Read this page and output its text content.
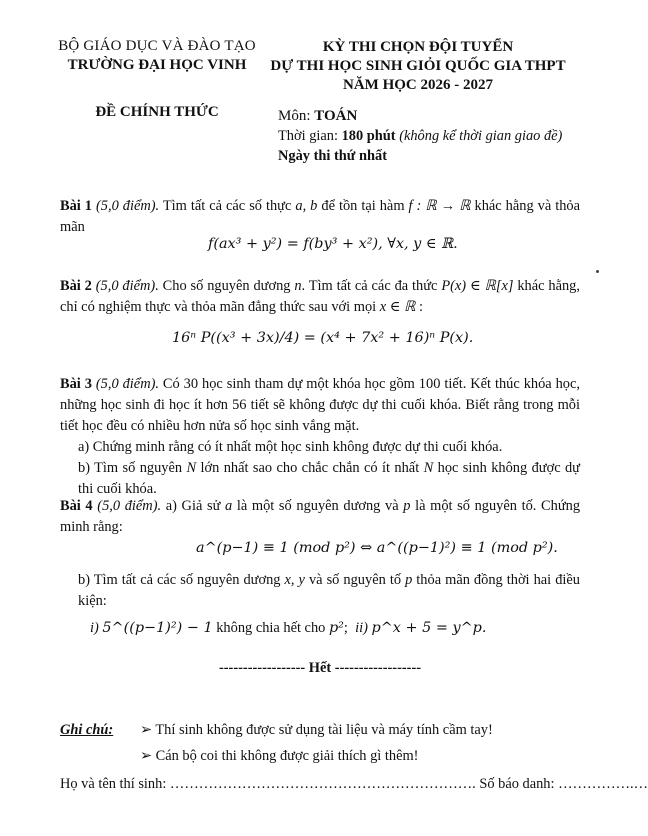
BỘ GIÁO DỤC VÀ ĐÀO TẠO
TRƯỜNG ĐẠI HỌC VINH
ĐỀ CHÍNH THỨC
KỲ THI CHỌN ĐỘI TUYỂN
DỰ THI HỌC SINH GIỎI QUỐC GIA THPT
NĂM HỌC 2026 - 2027
Môn: TOÁN
Thời gian: 180 phút (không kể thời gian giao đề)
Ngày thi thứ nhất
Bài 1 (5,0 điểm). Tìm tất cả các số thực a, b để tồn tại hàm f : ℝ → ℝ khác hằng và thỏa mãn
f(ax³ + y²) = f(by³ + x²), ∀x, y ∈ ℝ.
Bài 2 (5,0 điểm). Cho số nguyên dương n. Tìm tất cả các đa thức P(x) ∈ ℝ[x] khác hằng, chỉ có nghiệm thực và thỏa mãn đẳng thức sau với mọi x ∈ ℝ :
16ⁿ P((x³ + 3x)/4) = (x⁴ + 7x² + 16)ⁿ P(x).
Bài 3 (5,0 điểm). Có 30 học sinh tham dự một khóa học gồm 100 tiết. Kết thúc khóa học, những học sinh đi học ít hơn 56 tiết sẽ không được dự thi cuối khóa. Biết rằng trong mỗi tiết học đều có nhiều hơn nửa số học sinh vắng mặt.
a) Chứng minh rằng có ít nhất một học sinh không được dự thi cuối khóa.
b) Tìm số nguyên N lớn nhất sao cho chắc chắn có ít nhất N học sinh không được dự thi cuối khóa.
Bài 4 (5,0 điểm). a) Giả sử a là một số nguyên dương và p là một số nguyên tố. Chứng minh rằng:
a^(p−1) ≡ 1 (mod p²) ⇔ a^((p−1)²) ≡ 1 (mod p²).
b) Tìm tất cả các số nguyên dương x, y và số nguyên tố p thỏa mãn đồng thời hai điều kiện:
i) 5^((p−1)²) − 1 không chia hết cho p²;  ii) p^x + 5 = y^p.
------------------ Hết ------------------
Ghi chú: ➢ Thí sinh không được sử dụng tài liệu và máy tính cầm tay!
➢ Cán bộ coi thi không được giải thích gì thêm!
Họ và tên thí sinh: ………………………………………………………. Số báo danh: …………….…
